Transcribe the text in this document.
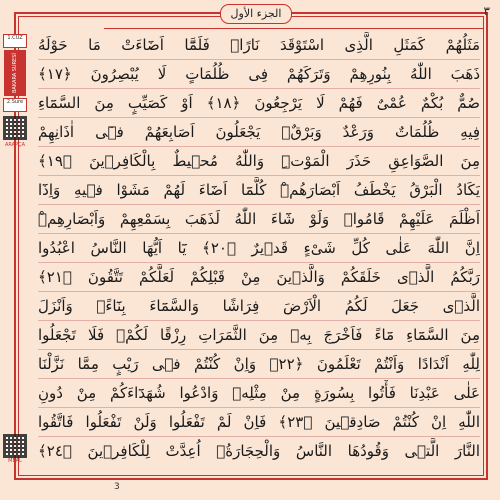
الجزء الأول	٣
1.CÜZ
BAKARA SURESİ
2.Sure
ARAPÇA
MEÂL
مَثَلُهُمْ كَمَثَلِ الَّذِى اسْتَوْقَدَ نَارًاۚ فَلَمَّٓا اَضَٓاءَتْ مَا حَوْلَهُ
ذَهَبَ اللّٰهُ بِنُورِهِمْ وَتَرَكَهُمْ فِى ظُلُمَاتٍ لَا يُبْصِرُونَ ﴿١٧﴾
صُمٌّ بُكْمٌ عُمْىٌ فَهُمْ لَا يَرْجِعُونَ ﴿١٨﴾ اَوْ كَصَيِّبٍ مِنَ السَّمَٓاءِ
فِيهِ ظُلُمَاتٌ وَرَعْدٌ وَبَرْقٌۚ يَجْعَلُونَ اَصَابِعَهُمْ فٖٓى اٰذَانِهِمْ
مِنَ الصَّوَاعِقِ حَذَرَ الْمَوْتِۜ وَاللّٰهُ مُحٖيطٌ بِالْكَافِرٖينَ ﴿١٩﴾
يَكَادُ الْبَرْقُ يَخْطَفُ اَبْصَارَهُمْۜ كُلَّمَٓا اَضَٓاءَ لَهُمْ مَشَوْا فٖيهِ وَاِذَٓا
اَظْلَمَ عَلَيْهِمْ قَامُواۜ وَلَوْ شَٓاءَ اللّٰهُ لَذَهَبَ بِسَمْعِهِمْ وَاَبْصَارِهِمْۜ
اِنَّ اللّٰهَ عَلٰى كُلِّ شَىْءٍ قَدٖيرٌ ﴿٢٠﴾ يَٓا اَيُّهَا النَّاسُ اعْبُدُوا
رَبَّكُمُ الَّذٖى خَلَقَكُمْ وَالَّذٖينَ مِنْ قَبْلِكُمْ لَعَلَّكُمْ تَتَّقُونَ ﴿٢١﴾
الَّذٖى جَعَلَ لَكُمُ الْاَرْضَ فِرَاشًا وَالسَّمَٓاءَ بِنَٓاءًۖ وَاَنْزَلَ
مِنَ السَّمَٓاءِ مَٓاءً فَاَخْرَجَ بِهٖ مِنَ الثَّمَرَاتِ رِزْقًا لَكُمْۚ فَلَا تَجْعَلُوا
لِلّٰهِ اَنْدَادًا وَاَنْتُمْ تَعْلَمُونَ ﴿٢٢﴾ وَاِنْ كُنْتُمْ فٖى رَيْبٍ مِمَّا نَزَّلْنَا
عَلٰى عَبْدِنَا فَأْتُوا بِسُورَةٍ مِنْ مِثْلِهٖ وَادْعُوا شُهَدَٓاءَكُمْ مِنْ دُونِ
اللّٰهِ اِنْ كُنْتُمْ صَادِقٖينَ ﴿٢٣﴾ فَاِنْ لَمْ تَفْعَلُوا وَلَنْ تَفْعَلُوا فَاتَّقُوا
النَّارَ الَّتٖى وَقُودُهَا النَّاسُ وَالْحِجَارَةُۚ اُعِدَّتْ لِلْكَافِرٖينَ ﴿٢٤﴾
3
